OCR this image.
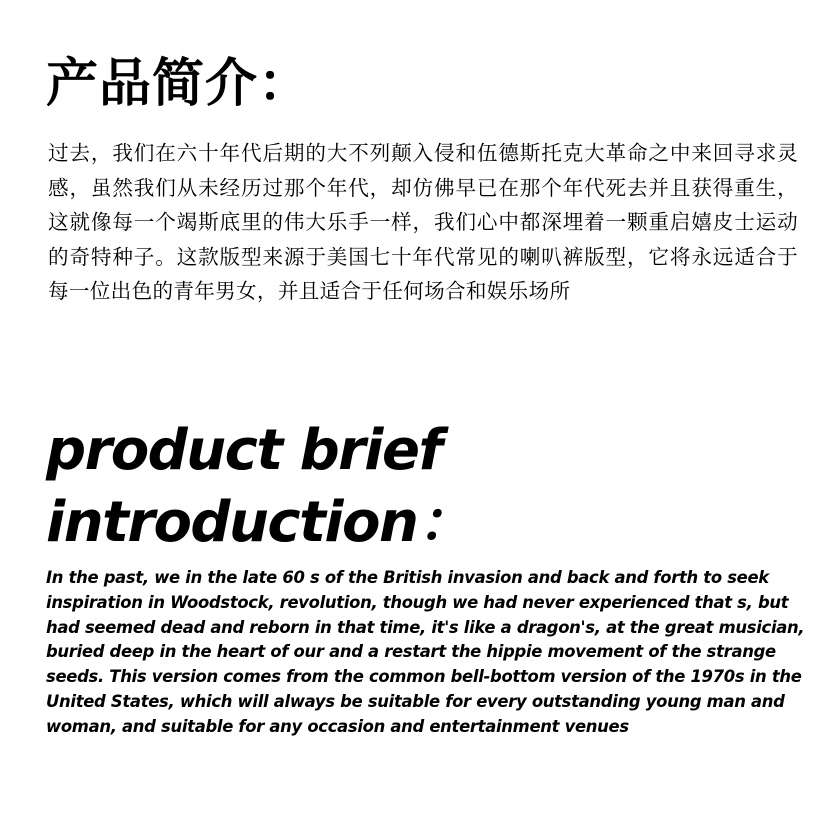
产品简介：

过去，我们在六十年代后期的大不列颠入侵和伍德斯托克大革命之中来回寻求灵感，虽然我们从未经历过那个年代，却仿佛早已在那个年代死去并且获得重生，这就像每一个竭斯底里的伟大乐手一样，我们心中都深埋着一颗重启嬉皮士运动的奇特种子。这款版型来源于美国七十年代常见的喇叭裤版型，它将永远适合于每一位出色的青年男女，并且适合于任何场合和娱乐场所

product brief
introduction：

In the past, we in the late 60 s of the British invasion and back and forth to seek inspiration in Woodstock, revolution, though we had never experienced that s, but had seemed dead and reborn in that time, it's like a dragon's, at the great musician, buried deep in the heart of our and a restart the hippie movement of the strange seeds. This version comes from the common bell-bottom version of the 1970s in the United States, which will always be suitable for every outstanding young man and woman, and suitable for any occasion and entertainment venues
